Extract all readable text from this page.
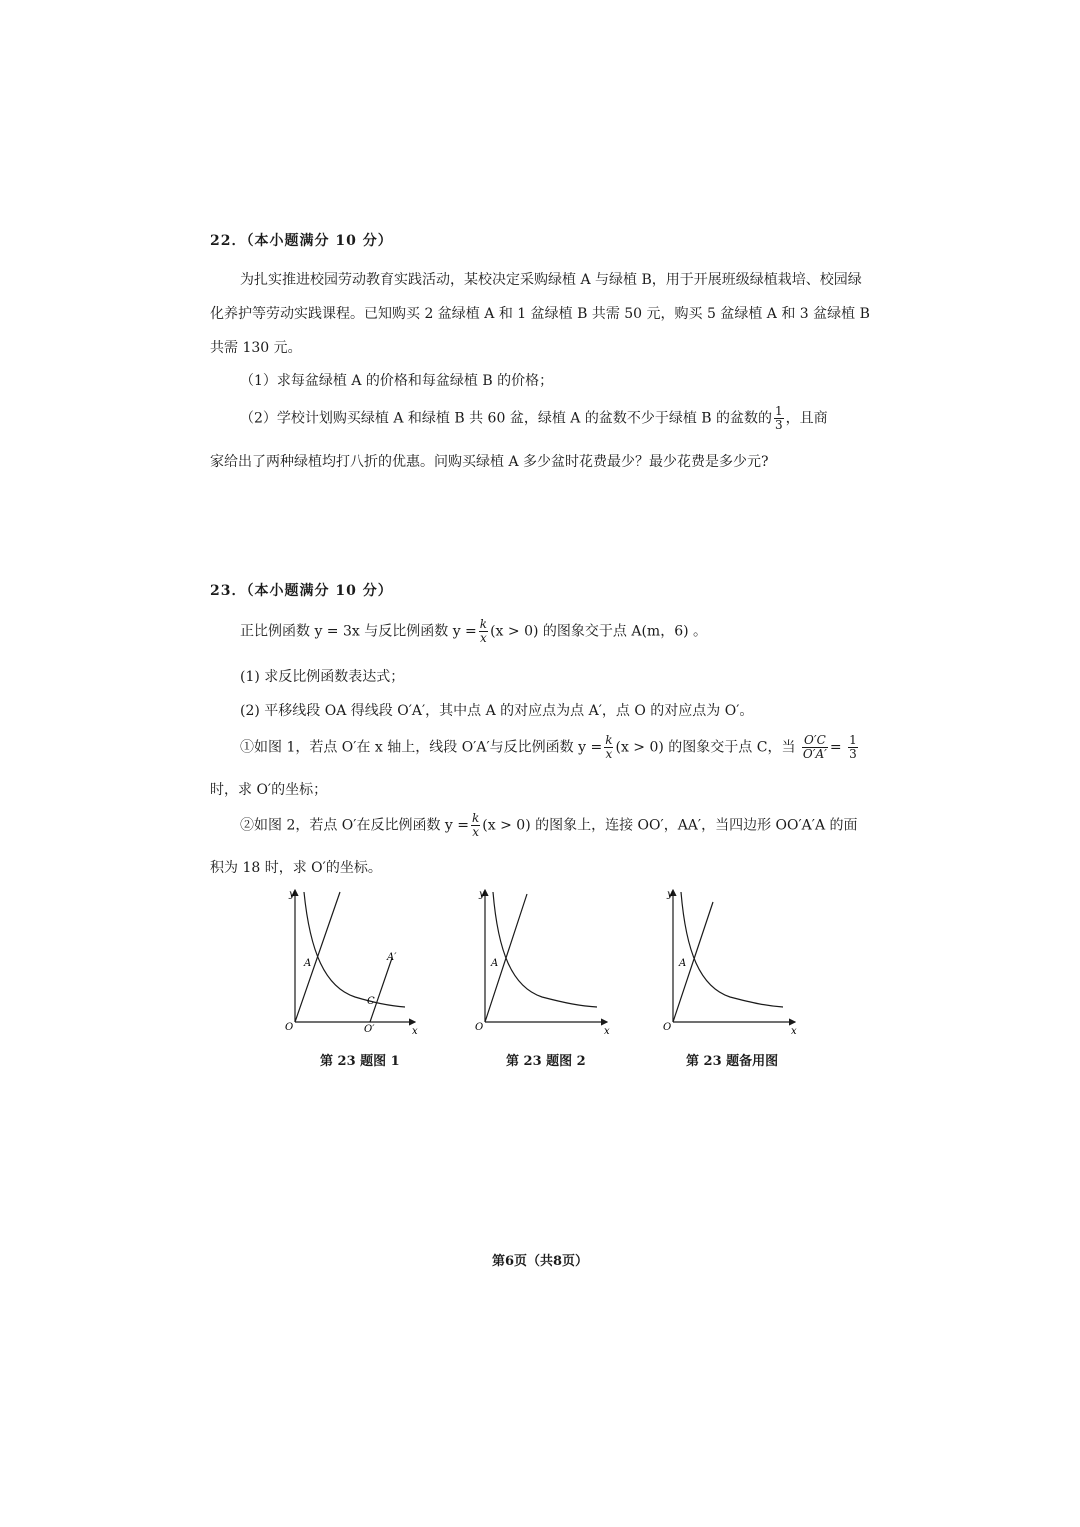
22．（本小题满分 10 分）
为扎实推进校园劳动教育实践活动，某校决定采购绿植 A 与绿植 B，用于开展班级绿植栽培、校园绿化养护等劳动实践课程。已知购买 2 盆绿植 A 和 1 盆绿植 B 共需 50 元，购买 5 盆绿植 A 和 3 盆绿植 B 共需 130 元。
（1）求每盆绿植 A 的价格和每盆绿植 B 的价格；
（2）学校计划购买绿植 A 和绿植 B 共 60 盆，绿植 A 的盆数不少于绿植 B 的盆数的 $\frac{1}{3}$ ，且商
家给出了两种绿植均打八折的优惠。问购买绿植 A 多少盆时花费最少？最少花费是多少元?
23．（本小题满分 10 分）
正比例函数 y = 3x 与反比例函数 $y = \frac{k}{x} (x > 0)$ 的图象交于点 A(m，6) 。
(1) 求反比例函数表达式；
(2) 平移线段 OA 得线段 O′A′，其中点 A 的对应点为点 A′，点 O 的对应点为 O′。
①如图 1，若点 O′在 x 轴上，线段 O′A′与反比例函数 $y = \frac{k}{x} (x > 0)$ 的图象交于点 C，当 $\frac{O'C}{O'A'} = \frac{1}{3}$
时，求 O′的坐标；
②如图 2，若点 O′在反比例函数 $y = \frac{k}{x} (x > 0)$ 的图象上，连接 OO′，AA′，当四边形 OO′A′A 的面
积为 18 时，求 O′的坐标。
y
x
O
A
A′
C
O′
y
x
O
A
y
x
O
A
第 23 题图 1	第 23 题图 2	第 23 题备用图
第6页（共8页）
